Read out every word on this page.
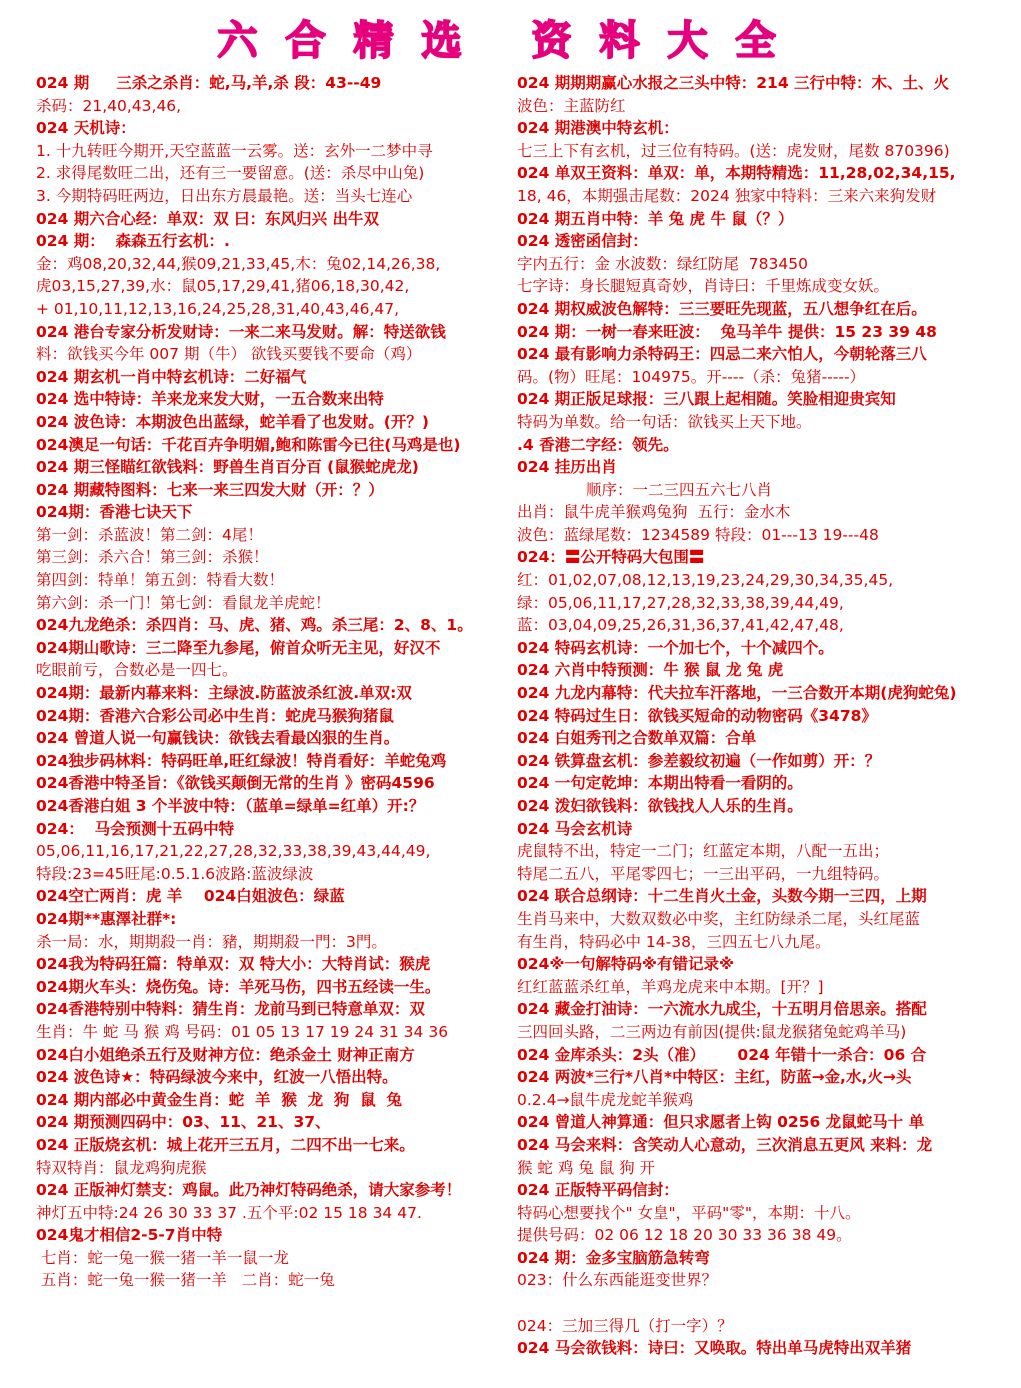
六合精选 资料大全
024 期     三杀之杀肖：蛇,马,羊,杀 段：43--49
杀码：21,40,43,46,
024 天机诗：
1. 十九转旺今期开,天空蓝蓝一云雾。送：玄外一二梦中寻
2. 求得尾数旺二出，还有三一要留意。(送：杀尽中山兔)
3. 今期特码旺两边，日出东方晨最艳。送：当头七连心
024 期六合心经：单双：双 曰：东风归兴 出牛双
024 期：  森森五行玄机：.
金：鸡08,20,32,44,猴09,21,33,45,木：兔02,14,26,38,
虎03,15,27,39,水：鼠05,17,29,41,猪06,18,30,42,
+ 01,10,11,12,13,16,24,25,28,31,40,43,46,47,
024 港台专家分析发财诗：一来二来马发财。解：特送欲钱
料：欲钱买今年 007 期（牛） 欲钱买要钱不要命（鸡）
024 期玄机一肖中特玄机诗：二好福气
024 选中特诗：羊来龙来发大财，一五合数来出特
024 波色诗：本期波色出蓝绿，蛇羊看了也发财。(开？)
024澳足一句话：千花百卉争明媚,鲍和陈雷今已往(马鸡是也)
024 期三怪瞄红欲钱料：野兽生肖百分百 (鼠猴蛇虎龙)
024 期藏特图料：七来一来三四发大财（开：？）
024期：香港七诀天下
第一剑：杀蓝波！第二剑：4尾！
第三剑：杀六合！第三剑：杀猴！
第四剑：特单！第五剑：特看大数！
第六剑：杀一门！第七剑：看鼠龙羊虎蛇！
024九龙绝杀：杀四肖：马、虎、猪、鸡。杀三尾：2、8、1。
024期山歌诗：三二降至九参尾，俯首众听无主见，好汉不
吃眼前亏，合数必是一四七。
024期：最新内幕来料：主绿波.防蓝波杀红波.单双:双
024期：香港六合彩公司必中生肖：蛇虎马猴狗猪鼠
024 曾道人说一句赢钱诀：欲钱去看最凶狠的生肖。
024独步码林料：特码旺单,旺红绿波！特肖看好：羊蛇兔鸡
024香港中特圣旨：《欲钱买颠倒无常的生肖 》密码4596
024香港白姐 3 个半波中特：（蓝单=绿单=红单）开:？
024：  马会预测十五码中特
05,06,11,16,17,21,22,27,28,32,33,38,39,43,44,49,
特段:23=45旺尾:0.5.1.6波路:蓝波绿波
024空亡两肖：虎 羊    024白姐波色：绿蓝
024期**惠澤社群*:
杀一局：水，期期殺一肖：豬，期期殺一門：3門。
024我为特码狂篇：特单双：双 特大小：大特肖试：猴虎
024期火车头：烧伤兔。诗：羊死马伤，四书五经读一生。
024香港特别中特料：猜生肖：龙前马到已特意单双：双
生肖：牛 蛇 马 猴 鸡 号码：01 05 13 17 19 24 31 34 36
024白小姐绝杀五行及财神方位：绝杀金土 财神正南方
024 波色诗★：特码绿波今来中，红波一八悟出特。
024 期内部必中黄金生肖：蛇  羊  猴  龙  狗  鼠  兔
024 期预测四码中：03、11、21、37、
024 正版烧玄机：城上花开三五月，二四不出一七来。
特双特肖：鼠龙鸡狗虎猴
024 正版神灯禁支：鸡鼠。此乃神灯特码绝杀，请大家参考！
神灯五中特:24 26 30 33 37 .五个平:02 15 18 34 47.
024鬼才相信2-5-7肖中特
七肖：蛇一兔一猴一猪一羊一鼠一龙
五肖：蛇一兔一猴一猪一羊   二肖：蛇一兔
024 期期期赢心水报之三头中特：214 三行中特：木、土、火
波色：主蓝防红
024 期港澳中特玄机：
七三上下有玄机，过三位有特码。(送：虎发财，尾数 870396)
024 单双王资料：单双：单，本期特精选：11,28,02,34,15,
18, 46，本期强击尾数：2024 独家中特料：三来六来狗发财
024 期五肖中特：羊 兔 虎 牛 鼠（？）
024 透密函信封：
字内五行：金 水波数：绿红防尾  783450
七字诗：身长腿短真奇妙，肖诗曰：千里炼成变女妖。
024 期权威波色解特：三三要旺先现蓝，五八想争红在后。
024 期：一树一春来旺波：  兔马羊牛 提供：15 23 39 48
024 最有影响力杀特码王：四忌二来六怕人，今朝轮落三八
码。(物）旺尾：104975。开----（杀：兔猪-----）
024 期正版足球报：三八跟上起相随。笑脸相迎贵宾知
特码为单数。给一句话：欲钱买上天下地。
.4 香港二字经：领先。
024 挂历出肖
顺序：一二三四五六七八肖
出肖：鼠牛虎羊猴鸡兔狗  五行：金水木
波色：蓝绿尾数：1234589 特段：01---13 19---48
024：〓公开特码大包围〓
红：01,02,07,08,12,13,19,23,24,29,30,34,35,45,
绿：05,06,11,17,27,28,32,33,38,39,44,49,
蓝：03,04,09,25,26,31,36,37,41,42,47,48,
024 特码玄机诗：一个加七个，十个减四个。
024 六肖中特预测：牛 猴 鼠 龙 兔 虎
024 九龙内幕特：代夫拉车汗落地，一三合数开本期(虎狗蛇兔)
024 特码过生日：欲钱买短命的动物密码《3478》
024 白姐秀刊之合数单双篇：合单
024 铁算盘玄机：参差毅纹初遍（一作如剪）开：？
024 一句定乾坤：本期出特看一看阴的。
024 泼妇欲钱料：欲钱找人人乐的生肖。
024 马会玄机诗
虎鼠特不出，特定一二门；红蓝定本期，八配一五出；
特尾二五八，平尾零四七；一三出平码，一九组特码。
024 联合总纲诗：十二生肖火土金，头数今期一三四，上期
生肖马来中，大数双数必中奖，主红防绿杀二尾，头红尾蓝
有生肖，特码必中 14-38，三四五七八九尾。
024※一句解特码※有错记录※
红红蓝蓝杀红单，羊鸡龙虎来中本期。[开？]
024 藏金打油诗：一六流水九成尘，十五明月倍思亲。搭配
三四回头路，二三两边有前因(提供:鼠龙猴猪兔蛇鸡羊马)
024 金库杀头：2头（准）      024 年错十一杀合：06 合
024 两波*三行*八肖*中特区：主红，防蓝→金,水,火→头
0.2.4→鼠牛虎龙蛇羊猴鸡
024 曾道人神算通：但只求愿者上钩 0256 龙鼠蛇马十 单
024 马会来料：含笑动人心意动，三次消息五更风 来料：龙
猴 蛇 鸡 兔 鼠 狗 开
024 正版特平码信封：
特码心想要找个" 女皇"，平码"零"，本期：十八。
提供号码：02 06 12 18 20 30 33 36 38 49。
024 期：金多宝脑筋急转弯
023：什么东西能逛变世界？
024：三加三得几（打一字）？
024 马会欲钱料：诗曰：又唤取。特出单马虎特出双羊猪
